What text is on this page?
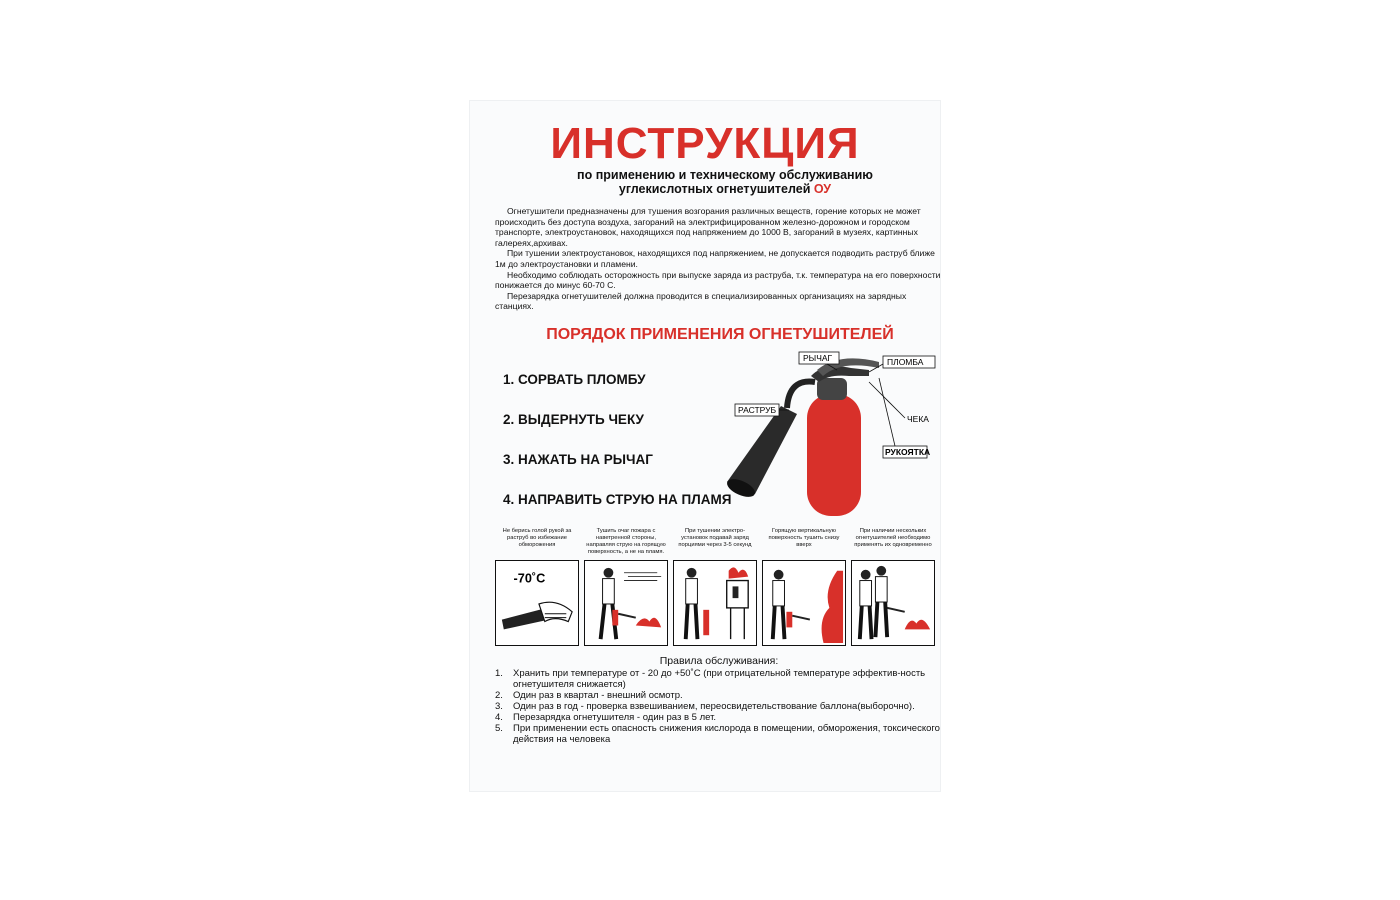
ИНСТРУКЦИЯ
по применению и техническому обслуживанию
углекислотных огнетушителей ОУ

Огнетушители предназначены для тушения возгорания различных веществ, горение которых не может происходить без доступа воздуха, загораний на электрифицированном железно-дорожном и городском транспорте, электроустановок, находящихся под напряжением до 1000 В, загораний в музеях, картинных галереях,архивах.

При тушении электроустановок, находящихся под напряжением, не допускается подводить раструб ближе 1м до электроустановки и пламени.

Необходимо соблюдать осторожность при выпуске заряда из раструба, т.к. температура на его поверхности понижается до минус 60-70 С.

Перезарядка огнетушителей должна проводится в специализированных организациях на зарядных станциях.

ПОРЯДОК ПРИМЕНЕНИЯ ОГНЕТУШИТЕЛЕЙ
1. СОРВАТЬ ПЛОМБУ
2. ВЫДЕРНУТЬ ЧЕКУ
3. НАЖАТЬ НА РЫЧАГ
4. НАПРАВИТЬ СТРУЮ НА ПЛАМЯ
РЫЧАГ	ПЛОМБА
РАСТРУБ
ЧЕКА
РУКОЯТКА
Не берись голой рукой за раструб во избежание обморожения
Тушить очаг пожара с наветренной стороны, направляя струю на горящую поверхность, а не на пламя.
При тушении электро-установок подавай заряд порциями через 3-5 секунд
Горящую вертикальную поверхность тушить снизу вверх
При наличии нескольких огнетушителей необходимо применять их одновременно
-70˚С
Правила обслуживания:
1. Хранить при температуре от - 20 до +50˚С (при отрицательной температуре эффектив-ность огнетушителя снижается)
2. Один раз в квартал - внешний осмотр.
3. Один раз в год - проверка взвешиванием, переосвидетельствование баллона(выборочно).
4. Перезарядка огнетушителя - один раз в 5 лет.
5. При применении есть опасность снижения кислорода в помещении, обморожения, токсического действия на человека
